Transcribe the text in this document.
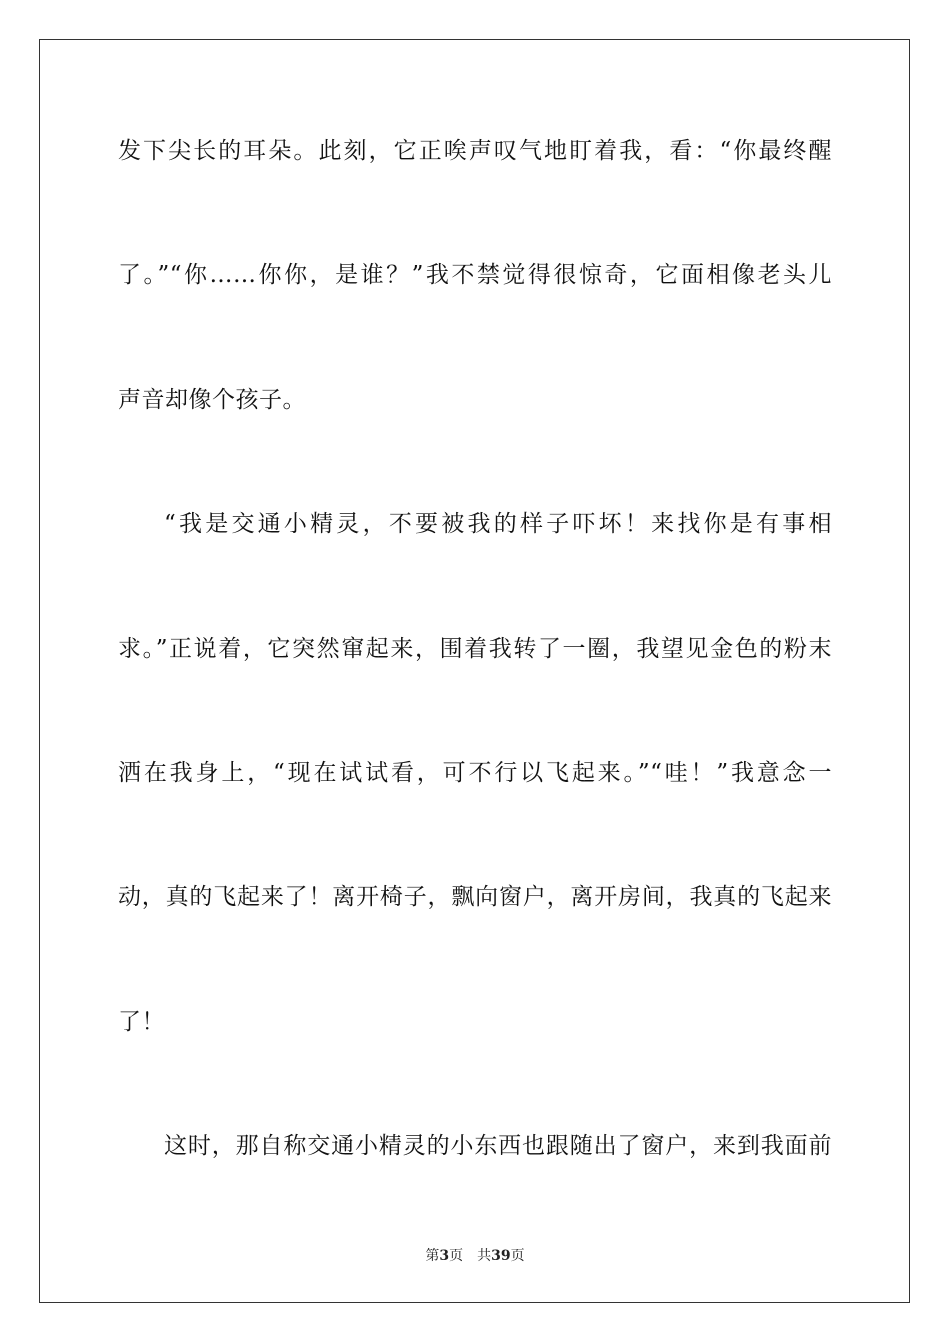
发下尖长的耳朵。此刻，它正唉声叹气地盯着我，看：“你最终醒
了。”“你……你你，是谁？”我不禁觉得很惊奇，它面相像老头儿
声音却像个孩子。
“我是交通小精灵，不要被我的样子吓坏！来找你是有事相
求。”正说着，它突然窜起来，围着我转了一圈，我望见金色的粉末
洒在我身上，“现在试试看，可不行以飞起来。”“哇！”我意念一
动，真的飞起来了！离开椅子，飘向窗户，离开房间，我真的飞起来
了！
这时，那自称交通小精灵的小东西也跟随出了窗户，来到我面前
第3页 共39页
